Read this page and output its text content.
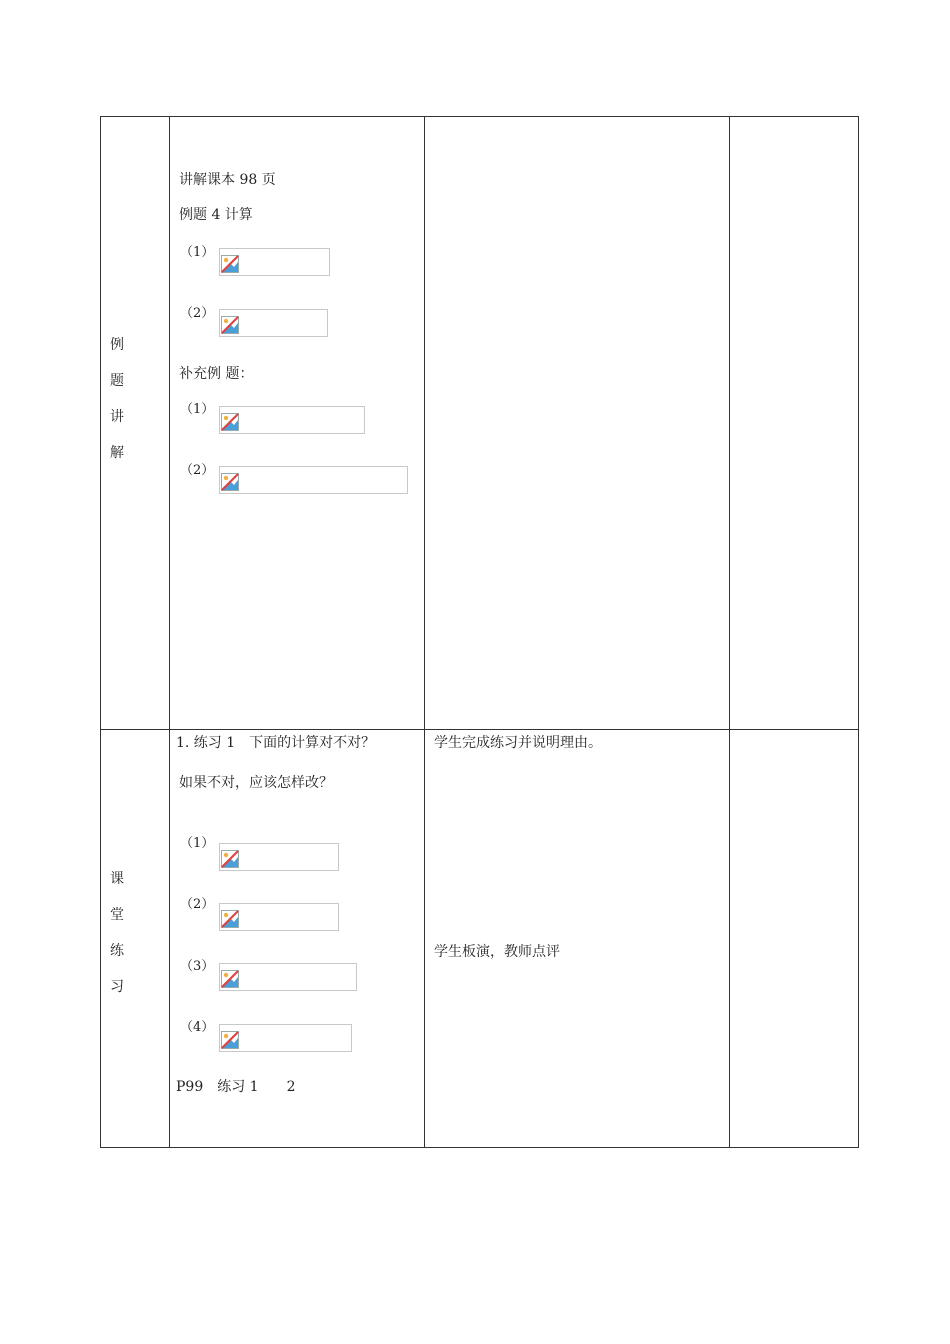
例
题
讲
解
讲解课本 98 页
例题 4 计算
（1）
（2）
补充例 题：
（1）
（2）
课
堂
练
习
1. 练习 1　下面的计算对不对？
如果不对，应该怎样改？
（1）
（2）
（3）
（4）
P99　练习 1　　2
学生完成练习并说明理由。
学生板演，教师点评
